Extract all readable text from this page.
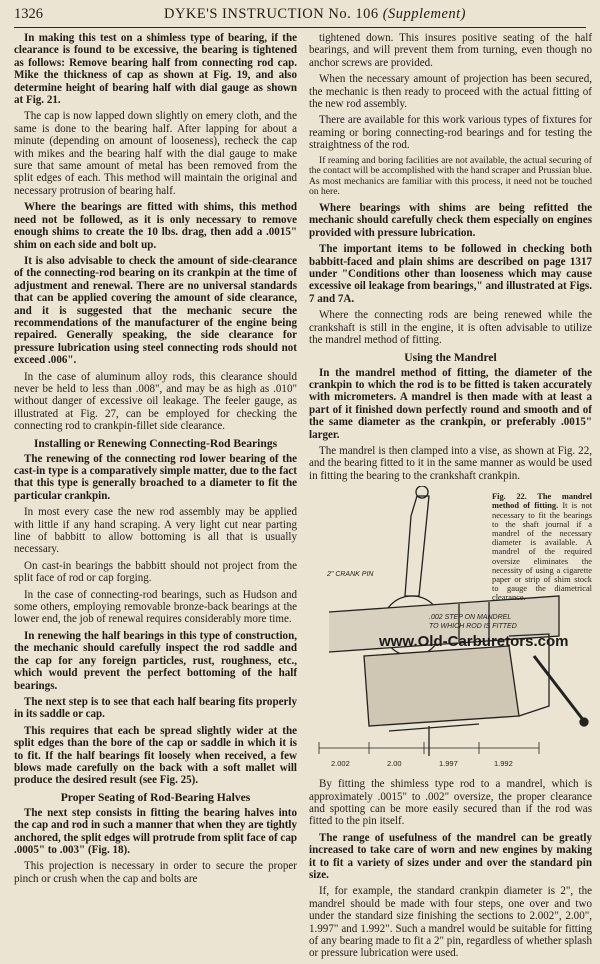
1326	DYKE'S INSTRUCTION No. 106 (Supplement)

In making this test on a shimless type of bearing, if the clearance is found to be excessive, the bearing is tightened as follows: Remove bearing half from connecting rod cap. Mike the thickness of cap as shown at Fig. 19, and also determine height of bearing half with dial gauge as shown at Fig. 21.

The cap is now lapped down slightly on emery cloth, and the same is done to the bearing half. After lapping for about a minute (depending on amount of looseness), recheck the cap with mikes and the bearing half with the dial gauge to make sure that same amount of metal has been removed from the split edges of each. This method will maintain the original and necessary protrusion of bearing half.

Where the bearings are fitted with shims, this method need not be followed, as it is only necessary to remove enough shims to create the 10 lbs. drag, then add a .0015" shim on each side and bolt up.

It is also advisable to check the amount of side-clearance of the connecting-rod bearing on its crankpin at the time of adjustment and renewal. There are no universal standards that can be applied covering the amount of side clearance, and it is suggested that the mechanic secure the recommendations of the manufacturer of the engine being repaired. Generally speaking, the side clearance for pressure lubrication using steel connecting rods should not exceed .006".

In the case of aluminum alloy rods, this clearance should never be held to less than .008", and may be as high as .010" without danger of excessive oil leakage. The feeler gauge, as illustrated at Fig. 27, can be employed for checking the connecting rod to crankpin-fillet side clearance.

Installing or Renewing Connecting-Rod Bearings

The renewing of the connecting rod lower bearing of the cast-in type is a comparatively simple matter, due to the fact that this type is generally broached to a diameter to fit the particular crankpin.

In most every case the new rod assembly may be applied with little if any hand scraping. A very light cut near parting line of babbitt to allow bottoming is all that is usually necessary.

On cast-in bearings the babbitt should not project from the split face of rod or cap forging.

In the case of connecting-rod bearings, such as Hudson and some others, employing removable bronze-back bearings at the lower end, the job of renewal requires considerably more time.

In renewing the half bearings in this type of construction, the mechanic should carefully inspect the rod saddle and the cap for any foreign particles, rust, roughness, etc., which would prevent the perfect bottoming of the half bearings.

The next step is to see that each half bearing fits properly in its saddle or cap.

This requires that each be spread slightly wider at the split edges than the bore of the cap or saddle in which it is to fit. If the half bearings fit loosely when received, a few blows made carefully on the back with a soft mallet will produce the desired result (see Fig. 25).

Proper Seating of Rod-Bearing Halves

The next step consists in fitting the bearing halves into the cap and rod in such a manner that when they are tightly anchored, the split edges will protrude from split face of cap .0005" to .003" (Fig. 18).

This projection is necessary in order to secure the proper pinch or crush when the cap and bolts are

tightened down. This insures positive seating of the half bearings, and will prevent them from turning, even though no anchor screws are provided.

When the necessary amount of projection has been secured, the mechanic is then ready to proceed with the actual fitting of the new rod assembly.

There are available for this work various types of fixtures for reaming or boring connecting-rod bearings and for testing the straightness of the rod.

If reaming and boring facilities are not available, the actual securing of the contact will be accomplished with the hand scraper and Prussian blue. As most mechanics are familiar with this process, it need not be touched on here.

Where bearings with shims are being refitted the mechanic should carefully check them especially on engines provided with pressure lubrication.

The important items to be followed in checking both babbitt-faced and plain shims are described on page 1317 under "Conditions other than looseness which may cause excessive oil leakage from bearings," and illustrated at Figs. 7 and 7A.

Where the connecting rods are being renewed while the crankshaft is still in the engine, it is often advisable to utilize the mandrel method of fitting.

Using the Mandrel

In the mandrel method of fitting, the diameter of the crankpin to which the rod is to be fitted is taken accurately with micrometers. A mandrel is then made with at least a part of it finished down perfectly round and smooth and of the same diameter as the crankpin, or preferably .0015" larger.

The mandrel is then clamped into a vise, as shown at Fig. 22, and the bearing fitted to it in the same manner as would be used in fitting the bearing to the crankshaft crankpin.

2" CRANK PIN
.002 STEP ON MANDREL
TO WHICH ROD IS FITTED
2.002	2.00	1.997	1.992
Fig. 22. The mandrel method of fitting. It is not necessary to fit the bearings to the shaft journal if a mandrel of the necessary diameter is available. A mandrel of the required oversize eliminates the necessity of using a cigarette paper or strip of shim stock to gauge the diametrical clearance.
www.Old-Carburetors.com

By fitting the shimless type rod to a mandrel, which is approximately .0015" to .002" oversize, the proper clearance and spotting can be more easily secured than if the rod was fitted to the pin itself.

The range of usefulness of the mandrel can be greatly increased to take care of worn and new engines by making it to fit a variety of sizes under and over the standard pin size.

If, for example, the standard crankpin diameter is 2", the mandrel should be made with four steps, one over and two under the standard size finishing the sections to 2.002", 2.00", 1.997" and 1.992". Such a mandrel would be suitable for fitting of any bearing made to fit a 2" pin, regardless of whether splash or pressure lubrication were used.
